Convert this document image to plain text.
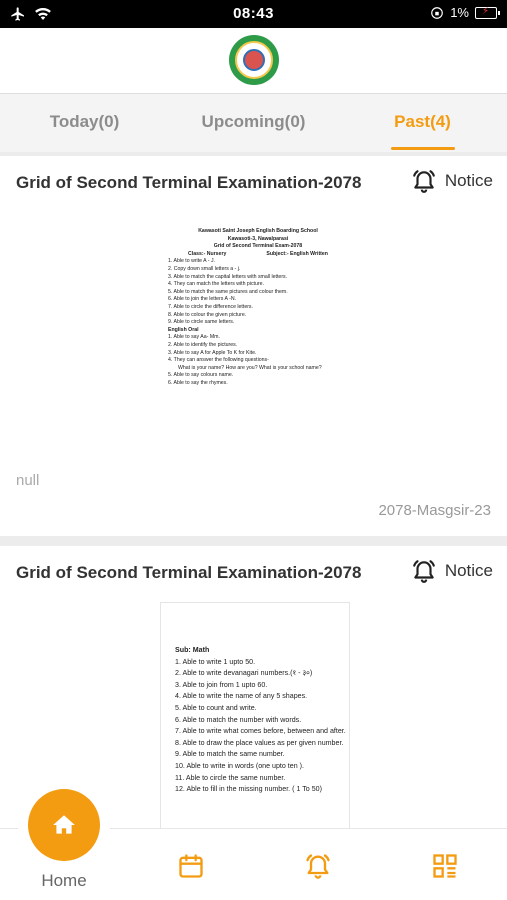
08:43	1% ⚡
Today(0)	Upcoming(0)	Past(4)
Grid of Second Terminal Examination-2078	Notice
Kawasoti Saint Joseph English Boarding School
Kawasoti-3, Nawalparasi
Grid of Second Terminal Exam-2078
Class:- Nursery	Subject:- English Written
1. Able to write A - J.
2. Copy down small letters a - j.
3. Able to match the capital letters with small letters.
4. They can match the letters with picture.
5. Able to match the same pictures and colour them.
6. Able to join the letters A -N.
7. Able to circle the difference letters.
8. Able to colour the given picture.
9. Able to circle same letters.
English Oral
1. Able to say Aa- Mm.
2. Able to identify the pictures.
3. Able to say A for Apple To K for Kite.
4. They can answer the following questions-
What is your name? How are you? What is your school name?
5. Able to say colours name.
6. Able to say the rhymes.
null
2078-Masgsir-23
Grid of Second Terminal Examination-2078	Notice
Sub: Math
1. Able to write 1 upto 50.
2. Able to write devanagari numbers.(१ - ३०)
3. Able to join from 1 upto 60.
4. Able to write the name of any 5 shapes.
5. Able to count and write.
6. Able to match the number with words.
7. Able to write what comes before, between and after.
8. Able to draw the place values as per given number.
9. Able to match the same number.
10. Able to write in words (one upto ten ).
11. Able to circle the same number.
12. Able to fill in the missing number. ( 1 To 50)
Home
